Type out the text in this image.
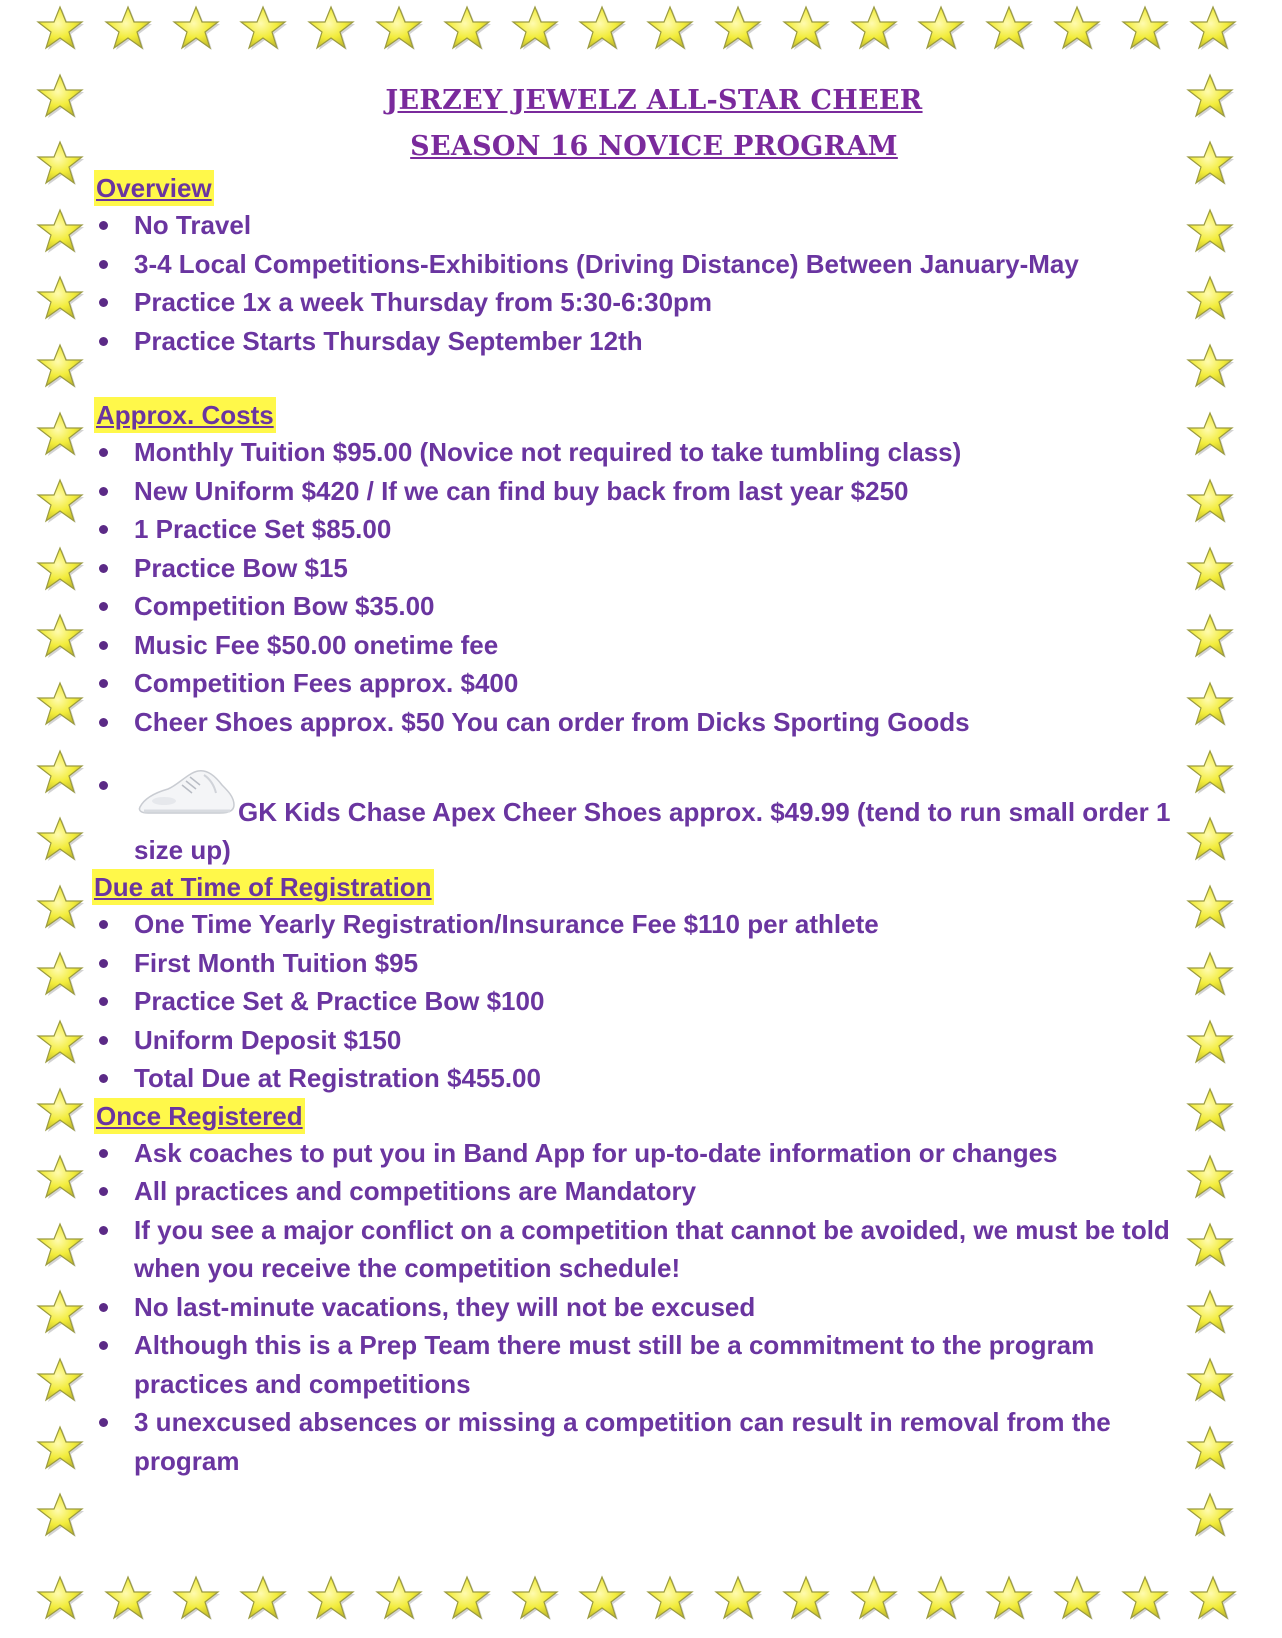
JERZEY JEWELZ ALL-STAR CHEER
SEASON 16 NOVICE PROGRAM
Overview
No Travel
3-4 Local Competitions-Exhibitions (Driving Distance) Between January-May
Practice 1x a week Thursday from 5:30-6:30pm
Practice Starts Thursday September 12th
Approx. Costs
Monthly Tuition $95.00 (Novice not required to take tumbling class)
New Uniform $420 / If we can find buy back from last year $250
1 Practice Set $85.00
Practice Bow $15
Competition Bow $35.00
Music Fee $50.00 onetime fee
Competition Fees approx. $400
Cheer Shoes approx. $50 You can order from Dicks Sporting Goods
GK Kids Chase Apex Cheer Shoes approx. $49.99 (tend to run small order 1
size up)
Due at Time of Registration
One Time Yearly Registration/Insurance Fee $110 per athlete
First Month Tuition $95
Practice Set & Practice Bow $100
Uniform Deposit $150
Total Due at Registration $455.00
Once Registered
Ask coaches to put you in Band App for up-to-date information or changes
All practices and competitions are Mandatory
If you see a major conflict on a competition that cannot be avoided, we must be told when you receive the competition schedule!
No last-minute vacations, they will not be excused
Although this is a Prep Team there must still be a commitment to the program practices and competitions
3 unexcused absences or missing a competition can result in removal from the program
